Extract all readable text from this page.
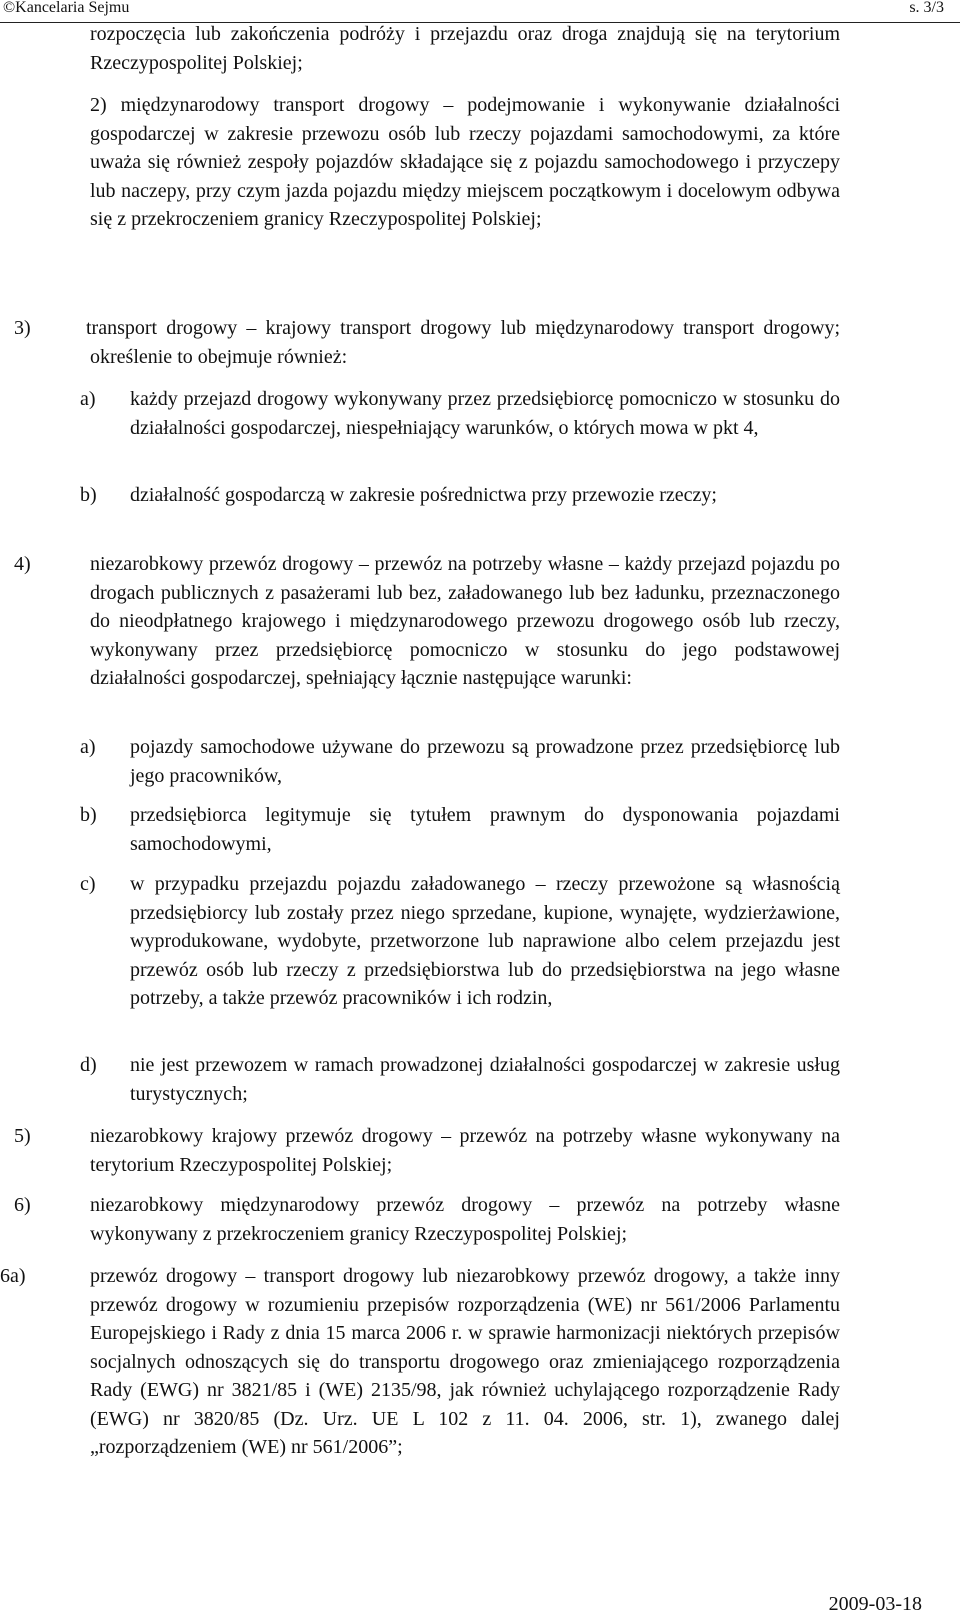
©Kancelaria Sejmu	s. 3/3

rozpoczęcia lub zakończenia podróży i przejazdu oraz droga znajdują się na terytorium Rzeczypospolitej Polskiej;

2) międzynarodowy transport drogowy – podejmowanie i wykonywanie działalności gospodarczej w zakresie przewozu osób lub rzeczy pojazdami samochodowymi, za które uważa się również zespoły pojazdów składające się z pojazdu samochodowego i przyczepy lub naczepy, przy czym jazda pojazdu między miejscem początkowym i docelowym odbywa się z przekroczeniem granicy Rzeczypospolitej Polskiej;

3)	transport drogowy – krajowy transport drogowy lub międzynarodowy transport drogowy; określenie to obejmuje również:

a) każdy przejazd drogowy wykonywany przez przedsiębiorcę pomocniczo w stosunku do działalności gospodarczej, niespełniający warunków, o których mowa w pkt 4,

b) działalność gospodarczą w zakresie pośrednictwa przy przewozie rzeczy;

4)	niezarobkowy przewóz drogowy – przewóz na potrzeby własne – każdy przejazd pojazdu po drogach publicznych z pasażerami lub bez, załadowanego lub bez ładunku, przeznaczonego do nieodpłatnego krajowego i międzynarodowego przewozu drogowego osób lub rzeczy, wykonywany przez przedsiębiorcę pomocniczo w stosunku do jego podstawowej działalności gospodarczej, spełniający łącznie następujące warunki:

a) pojazdy samochodowe używane do przewozu są prowadzone przez przedsiębiorcę lub jego pracowników,

b) przedsiębiorca legitymuje się tytułem prawnym do dysponowania pojazdami samochodowymi,

c) w przypadku przejazdu pojazdu załadowanego – rzeczy przewożone są własnością przedsiębiorcy lub zostały przez niego sprzedane, kupione, wynajęte, wydzierżawione, wyprodukowane, wydobyte, przetworzone lub naprawione albo celem przejazdu jest przewóz osób lub rzeczy z przedsiębiorstwa lub do przedsiębiorstwa na jego własne potrzeby, a także przewóz pracowników i ich rodzin,

d) nie jest przewozem w ramach prowadzonej działalności gospodarczej w zakresie usług turystycznych;

5)	niezarobkowy krajowy przewóz drogowy – przewóz na potrzeby własne wykonywany na terytorium Rzeczypospolitej Polskiej;

6)	niezarobkowy międzynarodowy przewóz drogowy – przewóz na potrzeby własne wykonywany z przekroczeniem granicy Rzeczypospolitej Polskiej;

6a)	przewóz drogowy – transport drogowy lub niezarobkowy przewóz drogowy, a także inny przewóz drogowy w rozumieniu przepisów rozporządzenia (WE) nr 561/2006 Parlamentu Europejskiego i Rady z dnia 15 marca 2006 r. w sprawie harmonizacji niektórych przepisów socjalnych odnoszących się do transportu drogowego oraz zmieniającego rozporządzenia Rady (EWG) nr 3821/85 i (WE) 2135/98, jak również uchylającego rozporządzenie Rady (EWG) nr 3820/85 (Dz. Urz. UE L 102 z 11. 04. 2006, str. 1), zwanego dalej „rozporządzeniem (WE) nr 561/2006”;

2009-03-18
